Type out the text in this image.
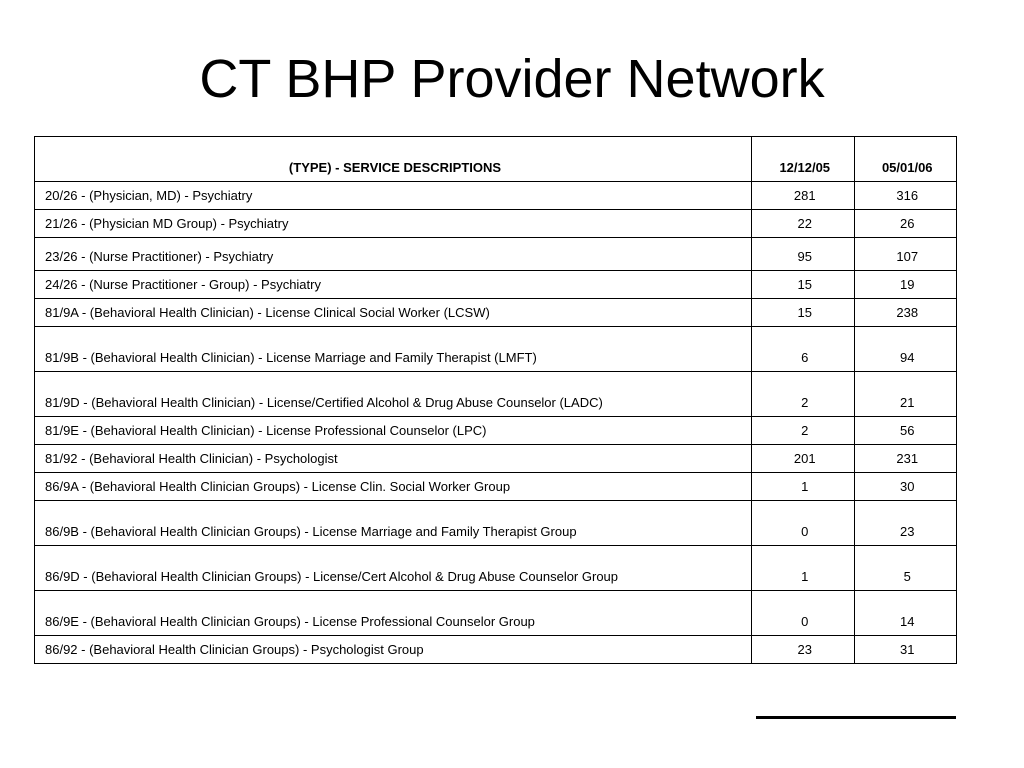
CT BHP Provider Network
(TYPE) - SERVICE DESCRIPTIONS	12/12/05	05/01/06
20/26 - (Physician, MD) - Psychiatry	281	316
21/26 - (Physician MD Group) - Psychiatry	22	26
23/26 - (Nurse Practitioner) - Psychiatry	95	107
24/26 - (Nurse Practitioner - Group) - Psychiatry	15	19
81/9A - (Behavioral Health Clinician) - License Clinical Social Worker (LCSW)	15	238
81/9B - (Behavioral Health Clinician) - License Marriage and Family Therapist (LMFT)	6	94
81/9D - (Behavioral Health Clinician) - License/Certified Alcohol & Drug Abuse Counselor (LADC)	2	21
81/9E - (Behavioral Health Clinician) - License Professional Counselor (LPC)	2	56
81/92 - (Behavioral Health Clinician) - Psychologist	201	231
86/9A - (Behavioral Health Clinician Groups) - License Clin. Social Worker Group	1	30
86/9B - (Behavioral Health Clinician Groups) - License Marriage and Family Therapist Group	0	23
86/9D - (Behavioral Health Clinician Groups) - License/Cert Alcohol & Drug Abuse Counselor Group	1	5
86/9E - (Behavioral Health Clinician Groups) - License Professional Counselor Group	0	14
86/92 - (Behavioral Health Clinician Groups) - Psychologist Group	23	31
